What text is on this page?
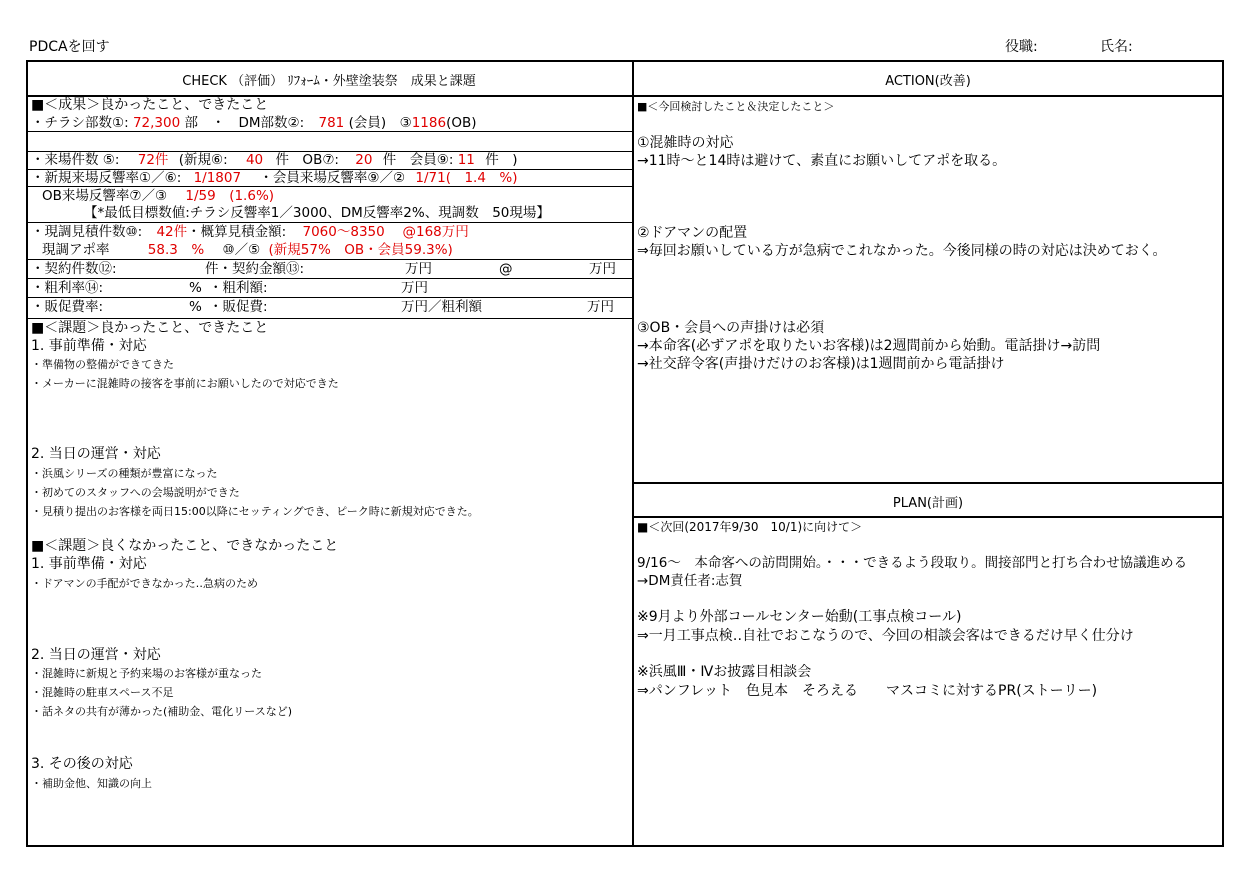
PDCAを回す	役職:	氏名:
CHECK （評価） ﾘﾌｫｰﾑ・外壁塗装祭　成果と課題	ACTION(改善)
PLAN(計画)
■＜成果＞良かったこと、できたこと
・チラシ部数①: 72,300 部　・　DM部数②: 781 (会員)　③1186(OB)
・来場件数 ⑤: 72件 (新規⑥: 40 件　OB⑦: 20 件　会員⑨: 11 件　)
・新規来場反響率①／⑥: 1/1807 ・会員来場反響率⑨／② 1/71(　1.4　%)
OB来場反響率⑦／③ 1/59　(1.6%)
【*最低目標数値:チラシ反響率1／3000、DM反響率2%、現調数　50現場】
・現調見積件数⑩: 42件・概算見積金額: 7060～8350　 @168万円
現調アポ率	58.3　% ⑩／⑤ (新規57%　OB・会員59.3%)
・契約件数⑫:	件・契約金額⑬:	万円	@	万円
・粗利率⑭:	% ・粗利額:	万円
・販促費率:	% ・販促費:	万円／粗利額	万円
■＜課題＞良かったこと、できたこと
1. 事前準備・対応
・準備物の整備ができてきた
・メーカーに混雑時の接客を事前にお願いしたので対応できた
2. 当日の運営・対応
・浜風シリーズの種類が豊富になった
・初めてのスタッフへの会場説明ができた
・見積り提出のお客様を両日15:00以降にセッティングでき、ピーク時に新規対応できた。
■＜課題＞良くなかったこと、できなかったこと
1. 事前準備・対応
・ドアマンの手配ができなかった‥急病のため
2. 当日の運営・対応
・混雑時に新規と予約来場のお客様が重なった
・混雑時の駐車スペース不足
・話ネタの共有が薄かった(補助金、電化リースなど)
3. その後の対応
・補助金他、知識の向上
■＜今回検討したこと＆決定したこと＞
①混雑時の対応
→11時～と14時は避けて、素直にお願いしてアポを取る。
②ドアマンの配置
⇒毎回お願いしている方が急病でこれなかった。今後同様の時の対応は決めておく。
③OB・会員への声掛けは必須
→本命客(必ずアポを取りたいお客様)は2週間前から始動。電話掛け→訪問
→社交辞令客(声掛けだけのお客様)は1週間前から電話掛け
■＜次回(2017年9/30　10/1)に向けて＞
9/16～　本命客への訪問開始。・・・できるよう段取り。間接部門と打ち合わせ協議進める
→DM責任者:志賀
※9月より外部コールセンター始動(工事点検コール)
⇒一月工事点検‥自社でおこなうので、今回の相談会客はできるだけ早く仕分け
※浜風Ⅲ・Ⅳお披露目相談会
⇒パンフレット　色見本　そろえる　　マスコミに対するPR(ストーリー)
